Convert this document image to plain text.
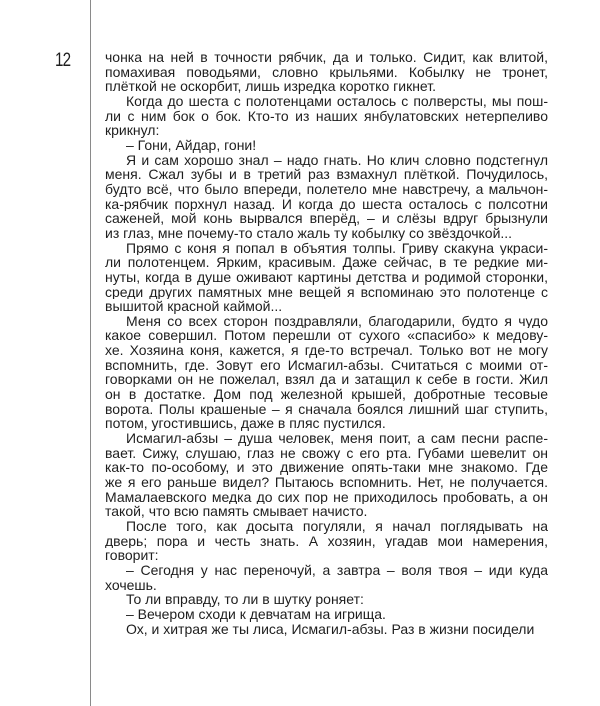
12 чонка на ней в точности рябчик, да и только. Сидит, как влитой,
помахивая поводьями, словно крыльями. Кобылку не тронет,
плёткой не оскорбит, лишь изредка коротко гикнет.
Когда до шеста с полотенцами осталось с полверсты, мы пош-
ли с ним бок о бок. Кто-то из наших янбулатовских нетерпеливо
крикнул:
– Гони, Айдар, гони!
Я и сам хорошо знал – надо гнать. Но клич словно подстегнул
меня. Сжал зубы и в третий раз взмахнул плёткой. Почудилось,
будто всё, что было впереди, полетело мне навстречу, а мальчон-
ка-рябчик порхнул назад. И когда до шеста осталось с полсотни
саженей, мой конь вырвался вперёд, – и слёзы вдруг брызнули
из глаз, мне почему-то стало жаль ту кобылку со звёздочкой...
Прямо с коня я попал в объятия толпы. Гриву скакуна украси-
ли полотенцем. Ярким, красивым. Даже сейчас, в те редкие ми-
нуты, когда в душе оживают картины детства и родимой сторонки,
среди других памятных мне вещей я вспоминаю это полотенце с
вышитой красной каймой...
Меня со всех сторон поздравляли, благодарили, будто я чудо
какое совершил. Потом перешли от сухого «спасибо» к медову-
хе. Хозяина коня, кажется, я где-то встречал. Только вот не могу
вспомнить, где. Зовут его Исмагил-абзы. Считаться с моими от-
говорками он не пожелал, взял да и затащил к себе в гости. Жил
он в достатке. Дом под железной крышей, добротные тесовые
ворота. Полы крашеные – я сначала боялся лишний шаг ступить,
потом, угостившись, даже в пляс пустился.
Исмагил-абзы – душа человек, меня поит, а сам песни распе-
вает. Сижу, слушаю, глаз не свожу с его рта. Губами шевелит он
как-то по-особому, и это движение опять-таки мне знакомо. Где
же я его раньше видел? Пытаюсь вспомнить. Нет, не получается.
Мамалаевского медка до сих пор не приходилось пробовать, а он
такой, что всю память смывает начисто.
После того, как досыта погуляли, я начал поглядывать на
дверь; пора и честь знать. А хозяин, угадав мои намерения,
говорит:
– Сегодня у нас переночуй, а завтра – воля твоя – иди куда
хочешь.
То ли вправду, то ли в шутку роняет:
– Вечером сходи к девчатам на игрища.
Ох, и хитрая же ты лиса, Исмагил-абзы. Раз в жизни посидели
